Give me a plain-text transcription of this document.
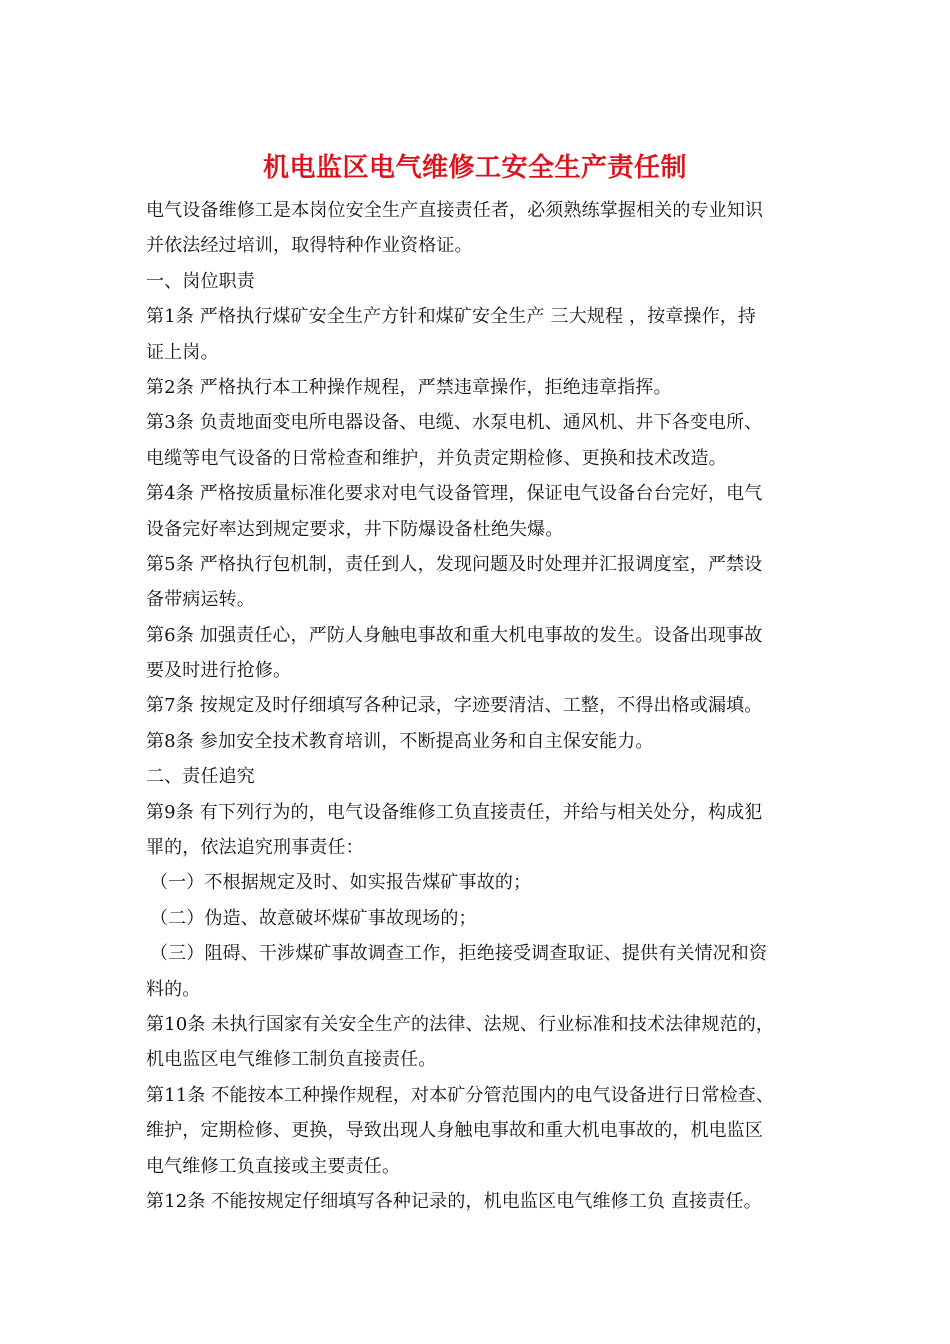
机电监区电气维修工安全生产责任制
电气设备维修工是本岗位安全生产直接责任者，必须熟练掌握相关的专业知识
并依法经过培训，取得特种作业资格证。
一、岗位职责
第1条 严格执行煤矿安全生产方针和煤矿安全生产 三大规程 ，按章操作，持
证上岗。
第2条 严格执行本工种操作规程，严禁违章操作，拒绝违章指挥。
第3条 负责地面变电所电器设备、电缆、水泵电机、通风机、井下各变电所、
电缆等电气设备的日常检查和维护，并负责定期检修、更换和技术改造。
第4条 严格按质量标准化要求对电气设备管理，保证电气设备台台完好，电气
设备完好率达到规定要求，井下防爆设备杜绝失爆。
第5条 严格执行包机制，责任到人，发现问题及时处理并汇报调度室，严禁设
备带病运转。
第6条 加强责任心，严防人身触电事故和重大机电事故的发生。设备出现事故
要及时进行抢修。
第7条 按规定及时仔细填写各种记录，字迹要清洁、工整，不得出格或漏填。
第8条 参加安全技术教育培训，不断提高业务和自主保安能力。
二、责任追究
第9条 有下列行为的，电气设备维修工负直接责任，并给与相关处分，构成犯
罪的，依法追究刑事责任：
（一）不根据规定及时、如实报告煤矿事故的；
（二）伪造、故意破坏煤矿事故现场的；
（三）阻碍、干涉煤矿事故调查工作，拒绝接受调查取证、提供有关情况和资
料的。
第10条 未执行国家有关安全生产的法律、法规、行业标准和技术法律规范的，
机电监区电气维修工制负直接责任。
第11条 不能按本工种操作规程，对本矿分管范围内的电气设备进行日常检查、
维护，定期检修、更换，导致出现人身触电事故和重大机电事故的，机电监区
电气维修工负直接或主要责任。
第12条 不能按规定仔细填写各种记录的，机电监区电气维修工负 直接责任。
